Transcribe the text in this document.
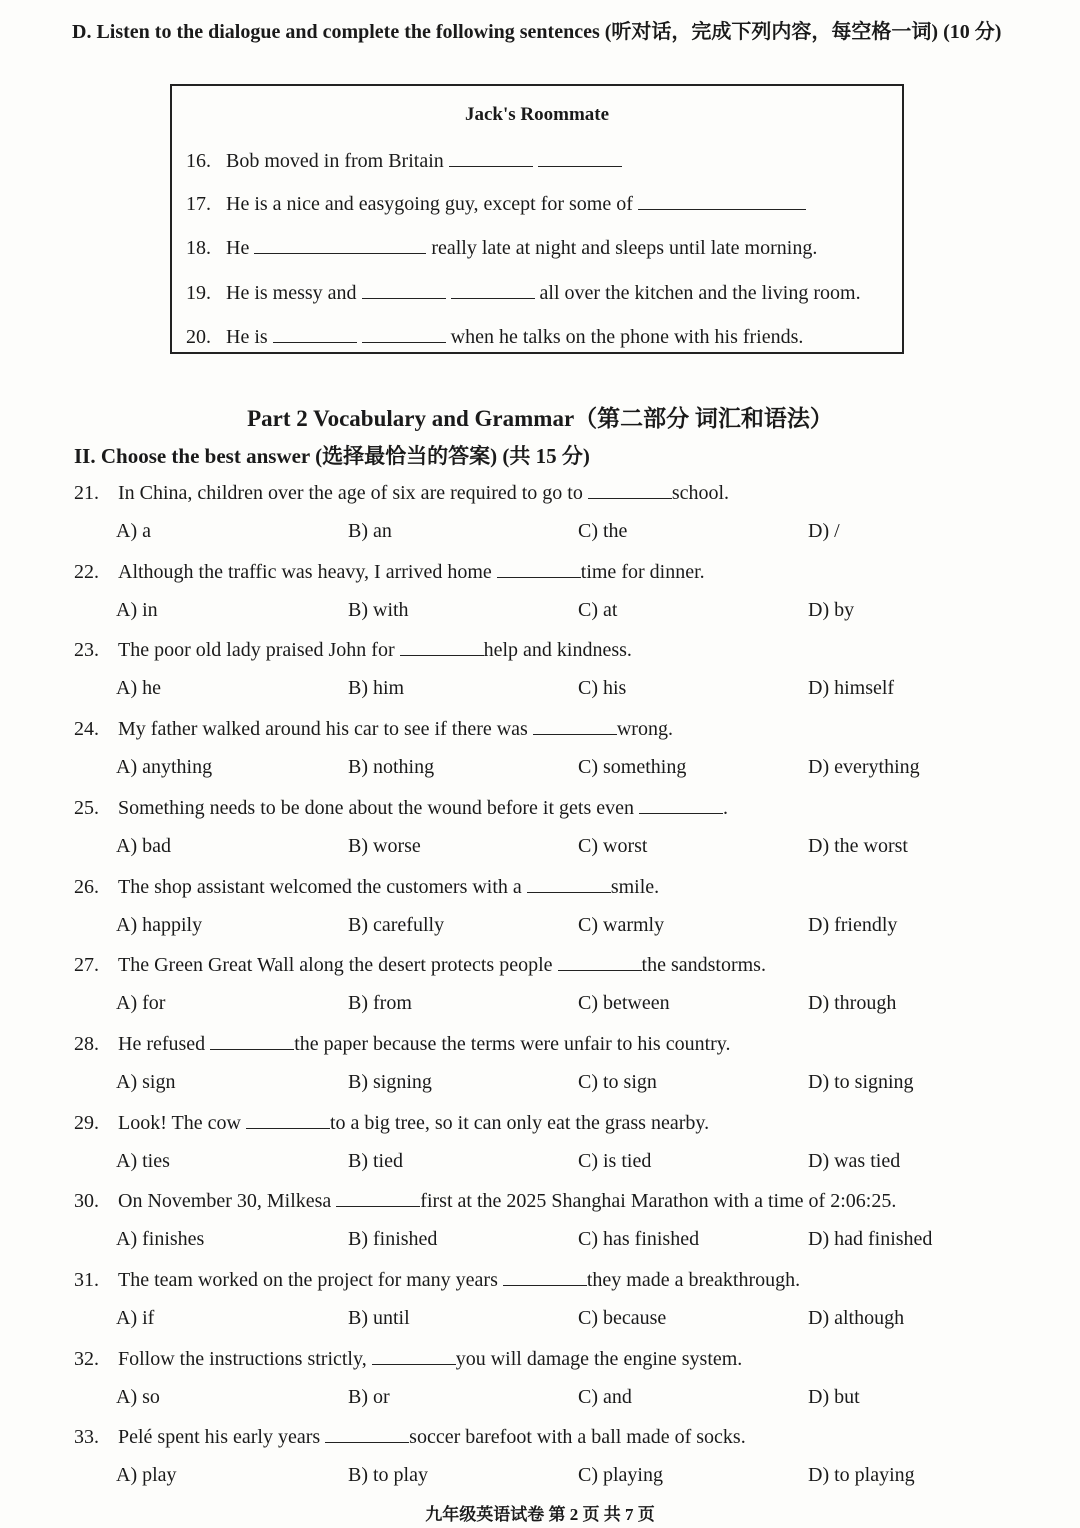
D. Listen to the dialogue and complete the following sentences (听对话，完成下列内容，每空格一词) (10 分)
Jack's Roommate
16. Bob moved in from Britain
17. He is a nice and easygoing guy, except for some of
18. He	really late at night and sleeps until late morning.
19. He is messy and	all over the kitchen and the living room.
20. He is	when he talks on the phone with his friends.
Part 2 Vocabulary and Grammar（第二部分 词汇和语法）
II. Choose the best answer (选择最恰当的答案) (共 15 分)
21. In China, children over the age of six are required to go to	school.
A) a	B) an	C) the	D) /
22. Although the traffic was heavy, I arrived home	time for dinner.
A) in	B) with	C) at	D) by
23. The poor old lady praised John for	help and kindness.
A) he	B) him	C) his	D) himself
24. My father walked around his car to see if there was	wrong.
A) anything	B) nothing	C) something	D) everything
25. Something needs to be done about the wound before it gets even	.
A) bad	B) worse	C) worst	D) the worst
26. The shop assistant welcomed the customers with a	smile.
A) happily	B) carefully	C) warmly	D) friendly
27. The Green Great Wall along the desert protects people	the sandstorms.
A) for	B) from	C) between	D) through
28. He refused	the paper because the terms were unfair to his country.
A) sign	B) signing	C) to sign	D) to signing
29. Look! The cow	to a big tree, so it can only eat the grass nearby.
A) ties	B) tied	C) is tied	D) was tied
30. On November 30, Milkesa	first at the 2025 Shanghai Marathon with a time of 2:06:25.
A) finishes	B) finished	C) has finished	D) had finished
31. The team worked on the project for many years	they made a breakthrough.
A) if	B) until	C) because	D) although
32. Follow the instructions strictly,	you will damage the engine system.
A) so	B) or	C) and	D) but
33. Pelé spent his early years	soccer barefoot with a ball made of socks.
A) play	B) to play	C) playing	D) to playing
九年级英语试卷 第 2 页 共 7 页
